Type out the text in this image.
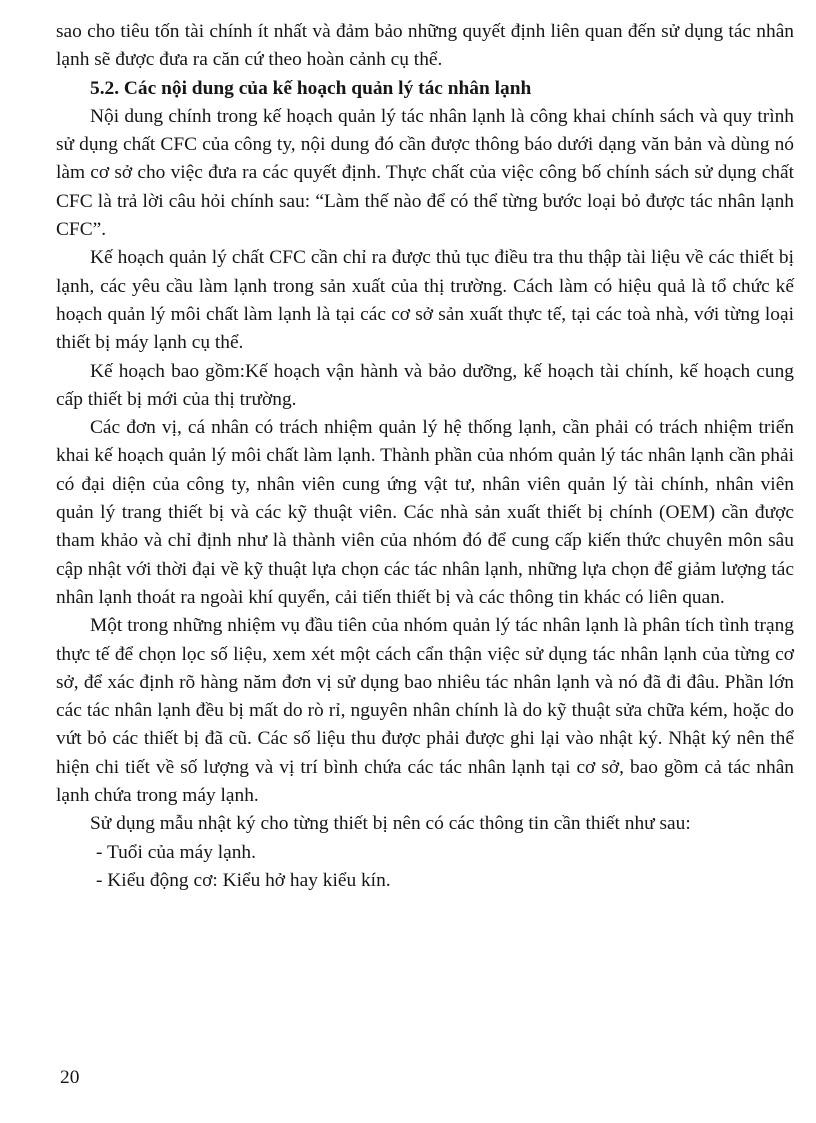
sao cho tiêu tốn tài chính ít nhất và đảm bảo những quyết định liên quan đến sử dụng tác nhân lạnh sẽ được đưa ra căn cứ theo hoàn cảnh cụ thể.

5.2. Các nội dung của kế hoạch quản lý tác nhân lạnh

Nội dung chính trong kế hoạch quản lý tác nhân lạnh là công khai chính sách và quy trình sử dụng chất CFC của công ty, nội dung đó cần được thông báo dưới dạng văn bản và dùng nó làm cơ sở cho việc đưa ra các quyết định. Thực chất của việc công bố chính sách sử dụng chất CFC là trả lời câu hỏi chính sau: “Làm thế nào để có thể từng bước loại bỏ được tác nhân lạnh CFC”.

Kế hoạch quản lý chất CFC cần chỉ ra được thủ tục điều tra thu thập tài liệu về các thiết bị lạnh, các yêu cầu làm lạnh trong sản xuất của thị trường. Cách làm có hiệu quả là tổ chức kế hoạch quản lý môi chất làm lạnh là tại các cơ sở sản xuất thực tế, tại các toà nhà, với từng loại thiết bị máy lạnh cụ thể.

Kế hoạch bao gồm:Kế hoạch vận hành và bảo dưỡng, kế hoạch tài chính, kế hoạch cung cấp thiết bị mới của thị trường.

Các đơn vị, cá nhân có trách nhiệm quản lý hệ thống lạnh, cần phải có trách nhiệm triển khai kế hoạch quản lý môi chất làm lạnh. Thành phần của nhóm quản lý tác nhân lạnh cần phải có đại diện của công ty, nhân viên cung ứng vật tư, nhân viên quản lý tài chính, nhân viên quản lý trang thiết bị và các kỹ thuật viên. Các nhà sản xuất thiết bị chính (OEM) cần được tham khảo và chỉ định như là thành viên của nhóm đó để cung cấp kiến thức chuyên môn sâu cập nhật với thời đại về kỹ thuật lựa chọn các tác nhân lạnh, những lựa chọn để giảm lượng tác nhân lạnh thoát ra ngoài khí quyển, cải tiến thiết bị và các thông tin khác có liên quan.

Một trong những nhiệm vụ đầu tiên của nhóm quản lý tác nhân lạnh là phân tích tình trạng thực tế để chọn lọc số liệu, xem xét một cách cẩn thận việc sử dụng tác nhân lạnh của từng cơ sở, để xác định rõ hàng năm đơn vị sử dụng bao nhiêu tác nhân lạnh và nó đã đi đâu. Phần lớn các tác nhân lạnh đều bị mất do rò rỉ, nguyên nhân chính là do kỹ thuật sửa chữa kém, hoặc do vứt bỏ các thiết bị đã cũ. Các số liệu thu được phải được ghi lại vào nhật ký. Nhật ký nên thể hiện chi tiết về số lượng và vị trí bình chứa các tác nhân lạnh tại cơ sở, bao gồm cả tác nhân lạnh chứa trong máy lạnh.

Sử dụng mẫu nhật ký cho từng thiết bị nên có các thông tin cần thiết như sau:

- Tuổi của máy lạnh.

- Kiểu động cơ: Kiểu hở hay kiểu kín.

20
